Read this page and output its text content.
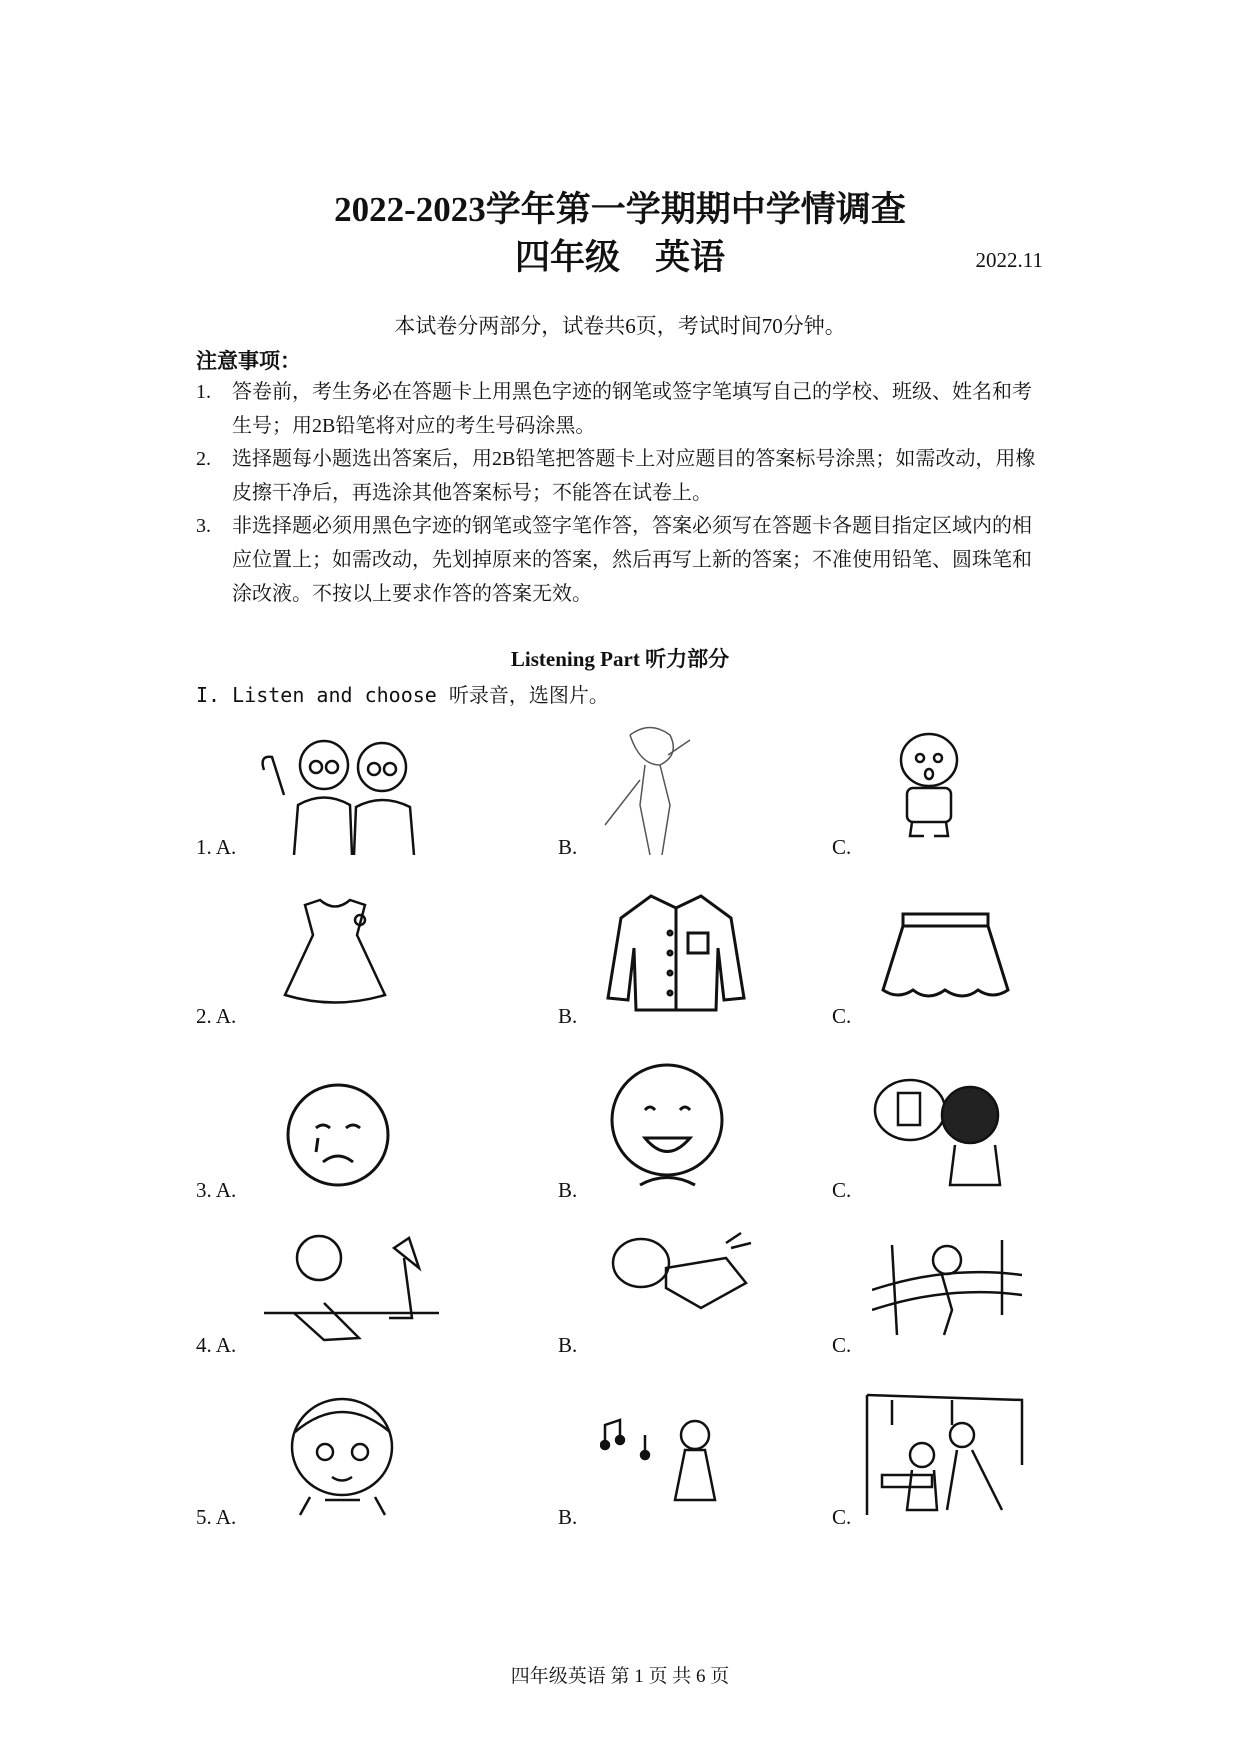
2022-2023学年第一学期期中学情调查
四年级　英语	2022.11
本试卷分两部分，试卷共6页，考试时间70分钟。
注意事项：
1.	答卷前，考生务必在答题卡上用黑色字迹的钢笔或签字笔填写自己的学校、班级、姓名和考生号；用2B铅笔将对应的考生号码涂黑。
2.	选择题每小题选出答案后，用2B铅笔把答题卡上对应题目的答案标号涂黑；如需改动，用橡皮擦干净后，再选涂其他答案标号；不能答在试卷上。
3.	非选择题必须用黑色字迹的钢笔或签字笔作答，答案必须写在答题卡各题目指定区域内的相应位置上；如需改动，先划掉原来的答案，然后再写上新的答案；不准使用铅笔、圆珠笔和涂改液。不按以上要求作答的答案无效。
Listening Part 听力部分
I. Listen and choose 听录音，选图片。
1. A.	B.	C.
2. A.	B.	C.
3. A.	B.	C.
4. A.	B.	C.
5. A.	B.	C.
四年级英语 第 1 页 共 6 页
